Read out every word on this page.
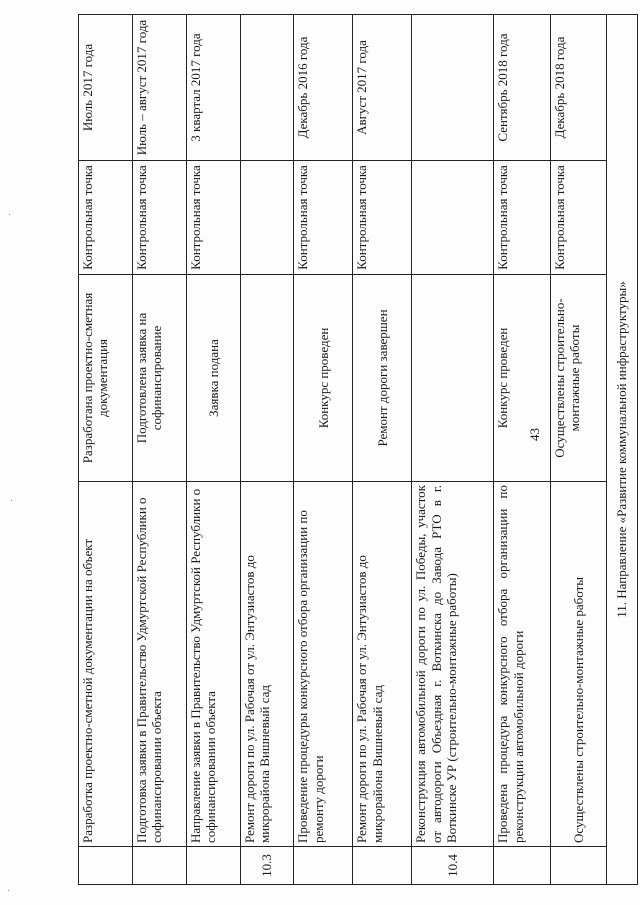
43
	Разработка проектно-сметной документации на объект	Разработана проектно-сметная документация	Контрольная точка	Июль 2017 года
	Подготовка заявки в Правительство Удмуртской Республики о софинансировании объекта	Подготовлена заявка на софинансирование	Контрольная точка	Июль – август 2017 года
	Направление заявки в Правительство Удмуртской Республики о софинансировании объекта	Заявка подана	Контрольная точка	3 квартал 2017 года
10.3	Ремонт дороги по ул. Рабочая от ул. Энтузиастов до микрорайона Вишневый сад			
	Проведение процедуры конкурсного отбора организации по ремонту дороги	Конкурс проведен	Контрольная точка	Декабрь 2016 года
	Ремонт дороги по ул. Рабочая от ул. Энтузиастов до микрорайона Вишневый сад	Ремонт дороги завершен	Контрольная точка	Август 2017 года
10.4	Реконструкция автомобильной дороги по ул. Победы, участок от автодороги Объездная г. Воткинска до Завода РТО в г. Воткинске УР (строительно-монтажные работы)			
	Проведена процедура конкурсного отбора организации по реконструкции автомобильной дороги	Конкурс проведен	Контрольная точка	Сентябрь 2018 года
	Осуществлены строительно-монтажные работы	Осуществлены строительно-монтажные работы	Контрольная точка	Декабрь 2018 года
11. Направление «Развитие коммунальной инфраструктуры»				
